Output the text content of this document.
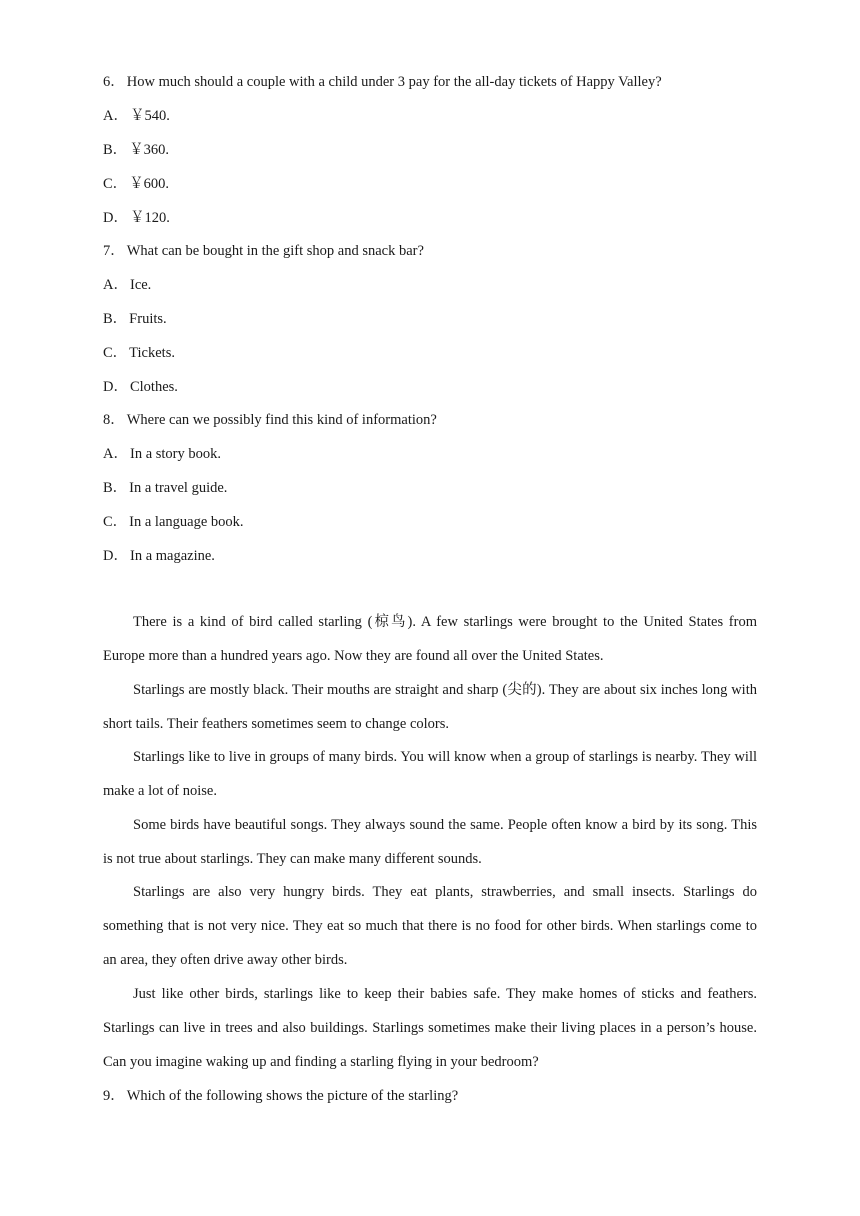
6． How much should a couple with a child under 3 pay for the all-day tickets of Happy Valley?
A． ￥540.
B． ￥360.
C． ￥600.
D． ￥120.
7． What can be bought in the gift shop and snack bar?
A． Ice.
B． Fruits.
C． Tickets.
D． Clothes.
8． Where can we possibly find this kind of information?
A． In a story book.
B． In a travel guide.
C． In a language book.
D． In a magazine.

There is a kind of bird called starling (椋鸟). A few starlings were brought to the United States from Europe more than a hundred years ago. Now they are found all over the United States.

Starlings are mostly black. Their mouths are straight and sharp (尖的). They are about six inches long with short tails. Their feathers sometimes seem to change colors.

Starlings like to live in groups of many birds. You will know when a group of starlings is nearby. They will make a lot of noise.

Some birds have beautiful songs. They always sound the same. People often know a bird by its song. This is not true about starlings. They can make many different sounds.

Starlings are also very hungry birds. They eat plants, strawberries, and small insects. Starlings do something that is not very nice. They eat so much that there is no food for other birds. When starlings come to an area, they often drive away other birds.

Just like other birds, starlings like to keep their babies safe. They make homes of sticks and feathers. Starlings can live in trees and also buildings. Starlings sometimes make their living places in a person’s house. Can you imagine waking up and finding a starling flying in your bedroom?

9． Which of the following shows the picture of the starling?
